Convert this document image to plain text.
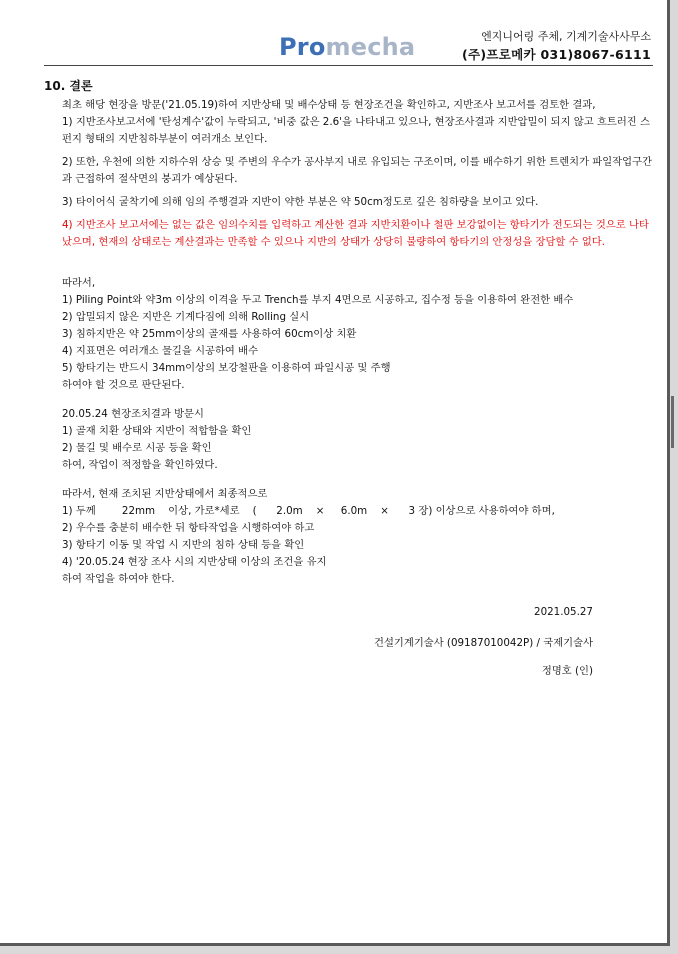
Promecha	엔지니어링 주체, 기계기술사사무소
(주)프로메카 031)8067-6111
10. 결론
최초 해당 현장을 방문('21.05.19)하여 지반상태 및 배수상태 등 현장조건을 확인하고, 지반조사 보고서를 검토한 결과,
1) 지반조사보고서에 '탄성계수'값이 누락되고, '비중 값은 2.6'을 나타내고 있으나, 현장조사결과 지반압밀이 되지 않고 흐트러진 스펀지 형태의 지반침하부분이 여러개소 보인다.
2) 또한, 우천에 의한 지하수위 상승 및 주변의 우수가 공사부지 내로 유입되는 구조이며, 이를 배수하기 위한 트렌치가 파일작업구간과 근접하여 절삭면의 붕괴가 예상된다.
3) 타이어식 굴착기에 의해 임의 주행결과 지반이 약한 부분은 약 50cm정도로 깊은 침하량을 보이고 있다.
4) 지반조사 보고서에는 없는 값은 임의수치를 입력하고 계산한 결과 지반치환이나 철판 보강없이는 항타기가 전도되는 것으로 나타났으며, 현재의 상태로는 계산결과는 만족할 수 있으나 지반의 상태가 상당히 불량하여 항타기의 안정성을 장담할 수 없다.
따라서,
1) Piling Point와 약3m 이상의 이격을 두고 Trench를 부지 4면으로 시공하고, 집수정 등을 이용하여 완전한 배수
2) 압밀되지 않은 지반은 기계다짐에 의해 Rolling 실시
3) 침하지반은 약 25mm이상의 골재를 사용하여 60cm이상 치환
4) 지표면은 여러개소 물길을 시공하여 배수
5) 항타기는 반드시 34mm이상의 보강철판을 이용하여 파일시공 및 주행
하여야 할 것으로 판단된다.
20.05.24 현장조치결과 방문시
1) 골재 치환 상태와 지반이 적합함을 확인
2) 물길 및 배수로 시공 등을 확인
하여, 작업이 적정함을 확인하였다.
따라서, 현재 조치된 지반상태에서 최종적으로
1) 두께        22mm    이상, 가로*세로    (      2.0m    ×     6.0m    ×      3 장) 이상으로 사용하여야 하며,
2) 우수를 충분히 배수한 뒤 항타작업을 시행하여야 하고
3) 항타기 이동 및 작업 시 지반의 침하 상태 등을 확인
4) '20.05.24 현장 조사 시의 지반상태 이상의 조건을 유지
하여 작업을 하여야 한다.
2021.05.27
건설기계기술사 (09187010042P) / 국제기술사
정명호 (인)
